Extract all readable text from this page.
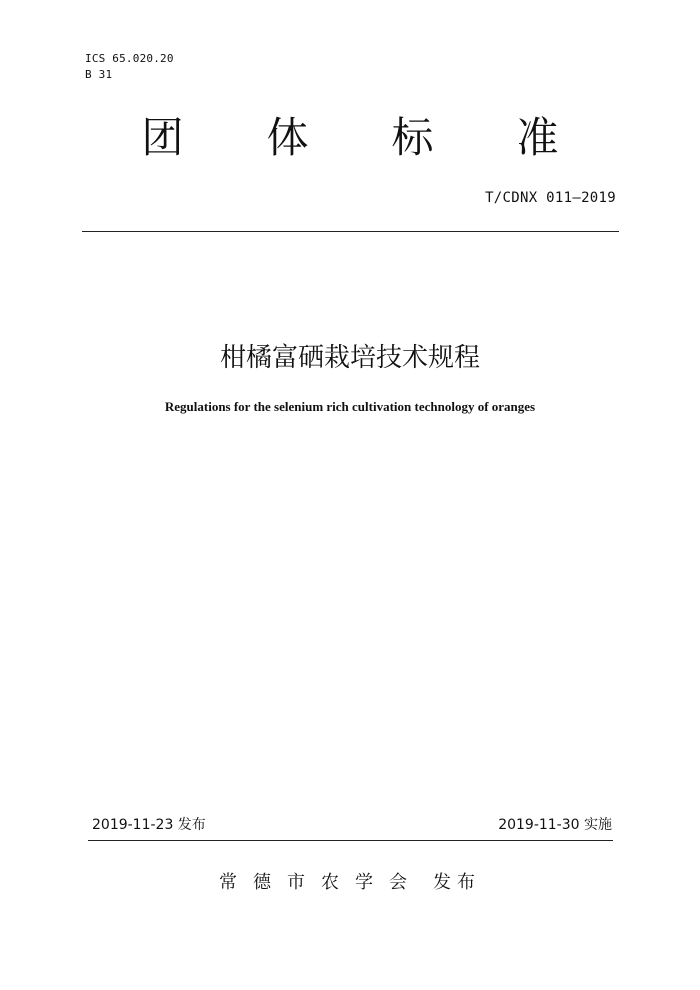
ICS 65.020.20
B 31
团 体 标 准
T/CDNX 011—2019
柑橘富硒栽培技术规程
Regulations for the selenium rich cultivation technology of oranges
2019-11-23 发布	2019-11-30 实施
常德市农学会 发布
